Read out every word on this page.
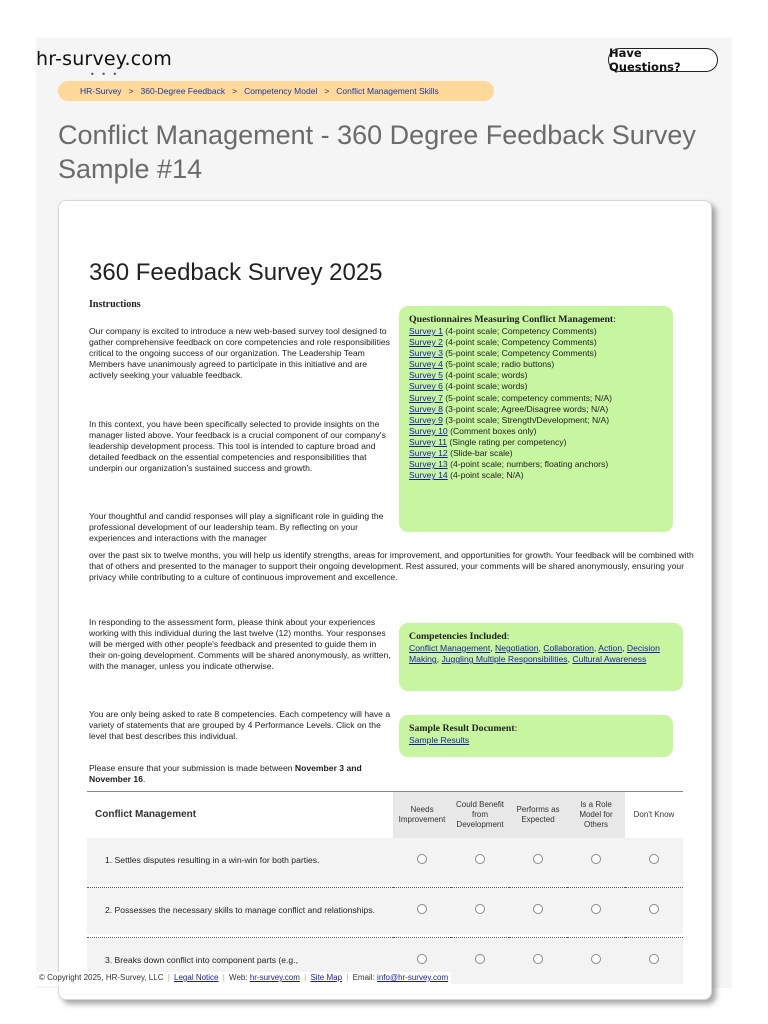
hr-survey.com
• • •
Have Questions?
HR-Survey > 360-Degree Feedback > Competency Model > Conflict Management Skills
Conflict Management - 360 Degree Feedback Survey Sample #14
360 Feedback Survey 2025
Instructions

Our company is excited to introduce a new web-based survey tool designed to gather comprehensive feedback on core competencies and role responsibilities critical to the ongoing success of our organization. The Leadership Team Members have unanimously agreed to participate in this initiative and are actively seeking your valuable feedback.

In this context, you have been specifically selected to provide insights on the manager listed above. Your feedback is a crucial component of our company's leadership development process. This tool is intended to capture broad and detailed feedback on the essential competencies and responsibilities that underpin our organization's sustained success and growth.

Your thoughtful and candid responses will play a significant role in guiding the professional development of our leadership team. By reflecting on your experiences and interactions with the manager

over the past six to twelve months, you will help us identify strengths, areas for improvement, and opportunities for growth. Your feedback will be combined with that of others and presented to the manager to support their ongoing development. Rest assured, your comments will be shared anonymously, ensuring your privacy while contributing to a culture of continuous improvement and excellence.

In responding to the assessment form, please think about your experiences working with this individual during the last twelve (12) months. Your responses will be merged with other people's feedback and presented to guide them in their on-going development. Comments will be shared anonymously, as written, with the manager, unless you indicate otherwise.

You are only being asked to rate 8 competencies. Each competency will have a variety of statements that are grouped by 4 Performance Levels. Click on the level that best describes this individual.

Please ensure that your submission is made between November 3 and November 16.

Questionnaires Measuring Conflict Management:
Survey 1 (4-point scale; Competency Comments)
Survey 2 (4-point scale; Competency Comments)
Survey 3 (5-point scale; Competency Comments)
Survey 4 (5-point scale; radio buttons)
Survey 5 (4-point scale; words)
Survey 6 (4-point scale; words)
Survey 7 (5-point scale; competency comments; N/A)
Survey 8 (3-point scale; Agree/Disagree words; N/A)
Survey 9 (3-point scale; Strength/Development; N/A)
Survey 10 (Comment boxes only)
Survey 11 (Single rating per competency)
Survey 12 (Slide-bar scale)
Survey 13 (4-point scale; numbers; floating anchors)
Survey 14 (4-point scale; N/A)
Competencies Included:
Conflict Management, Negotiation, Collaboration, Action, Decision Making, Juggling Multiple Responsibilities, Cultural Awareness
Sample Result Document:
Sample Results
Conflict Management	Needs Improvement	Could Benefit from Development	Performs as Expected	Is a Role Model for Others	Don't Know
1. Settles disputes resulting in a win-win for both parties.					

2. Possesses the necessary skills to manage conflict and relationships.					

3. Breaks down conflict into component parts (e.g.,					
© Copyright 2025, HR-Survey, LLC | Legal Notice | Web: hr-survey.com | Site Map | Email: info@hr-survey.com
